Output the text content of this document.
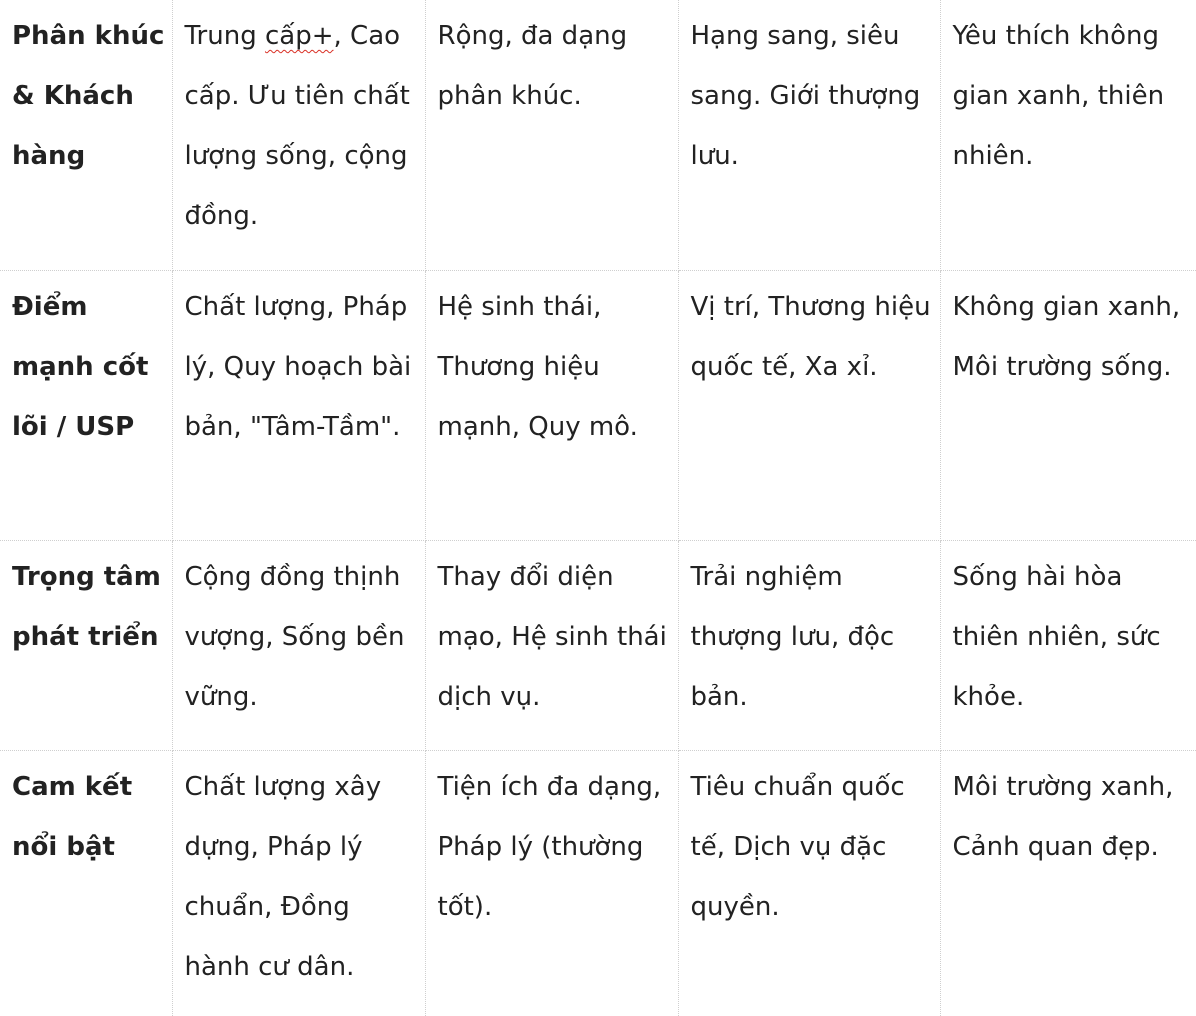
Phân khúc & Khách hàng	Trung cấp+, Cao cấp. Ưu tiên chất lượng sống, cộng đồng.	Rộng, đa dạng phân khúc.	Hạng sang, siêu sang. Giới thượng lưu.	Yêu thích không gian xanh, thiên nhiên.
Điểm mạnh cốt lõi / USP	Chất lượng, Pháp lý, Quy hoạch bài bản, "Tâm-Tầm".	Hệ sinh thái, Thương hiệu mạnh, Quy mô.	Vị trí, Thương hiệu quốc tế, Xa xỉ.	Không gian xanh, Môi trường sống.
Trọng tâm phát triển	Cộng đồng thịnh vượng, Sống bền vững.	Thay đổi diện mạo, Hệ sinh thái dịch vụ.	Trải nghiệm thượng lưu, độc bản.	Sống hài hòa thiên nhiên, sức khỏe.
Cam kết nổi bật	Chất lượng xây dựng, Pháp lý chuẩn, Đồng hành cư dân.	Tiện ích đa dạng, Pháp lý (thường tốt).	Tiêu chuẩn quốc tế, Dịch vụ đặc quyền.	Môi trường xanh, Cảnh quan đẹp.
